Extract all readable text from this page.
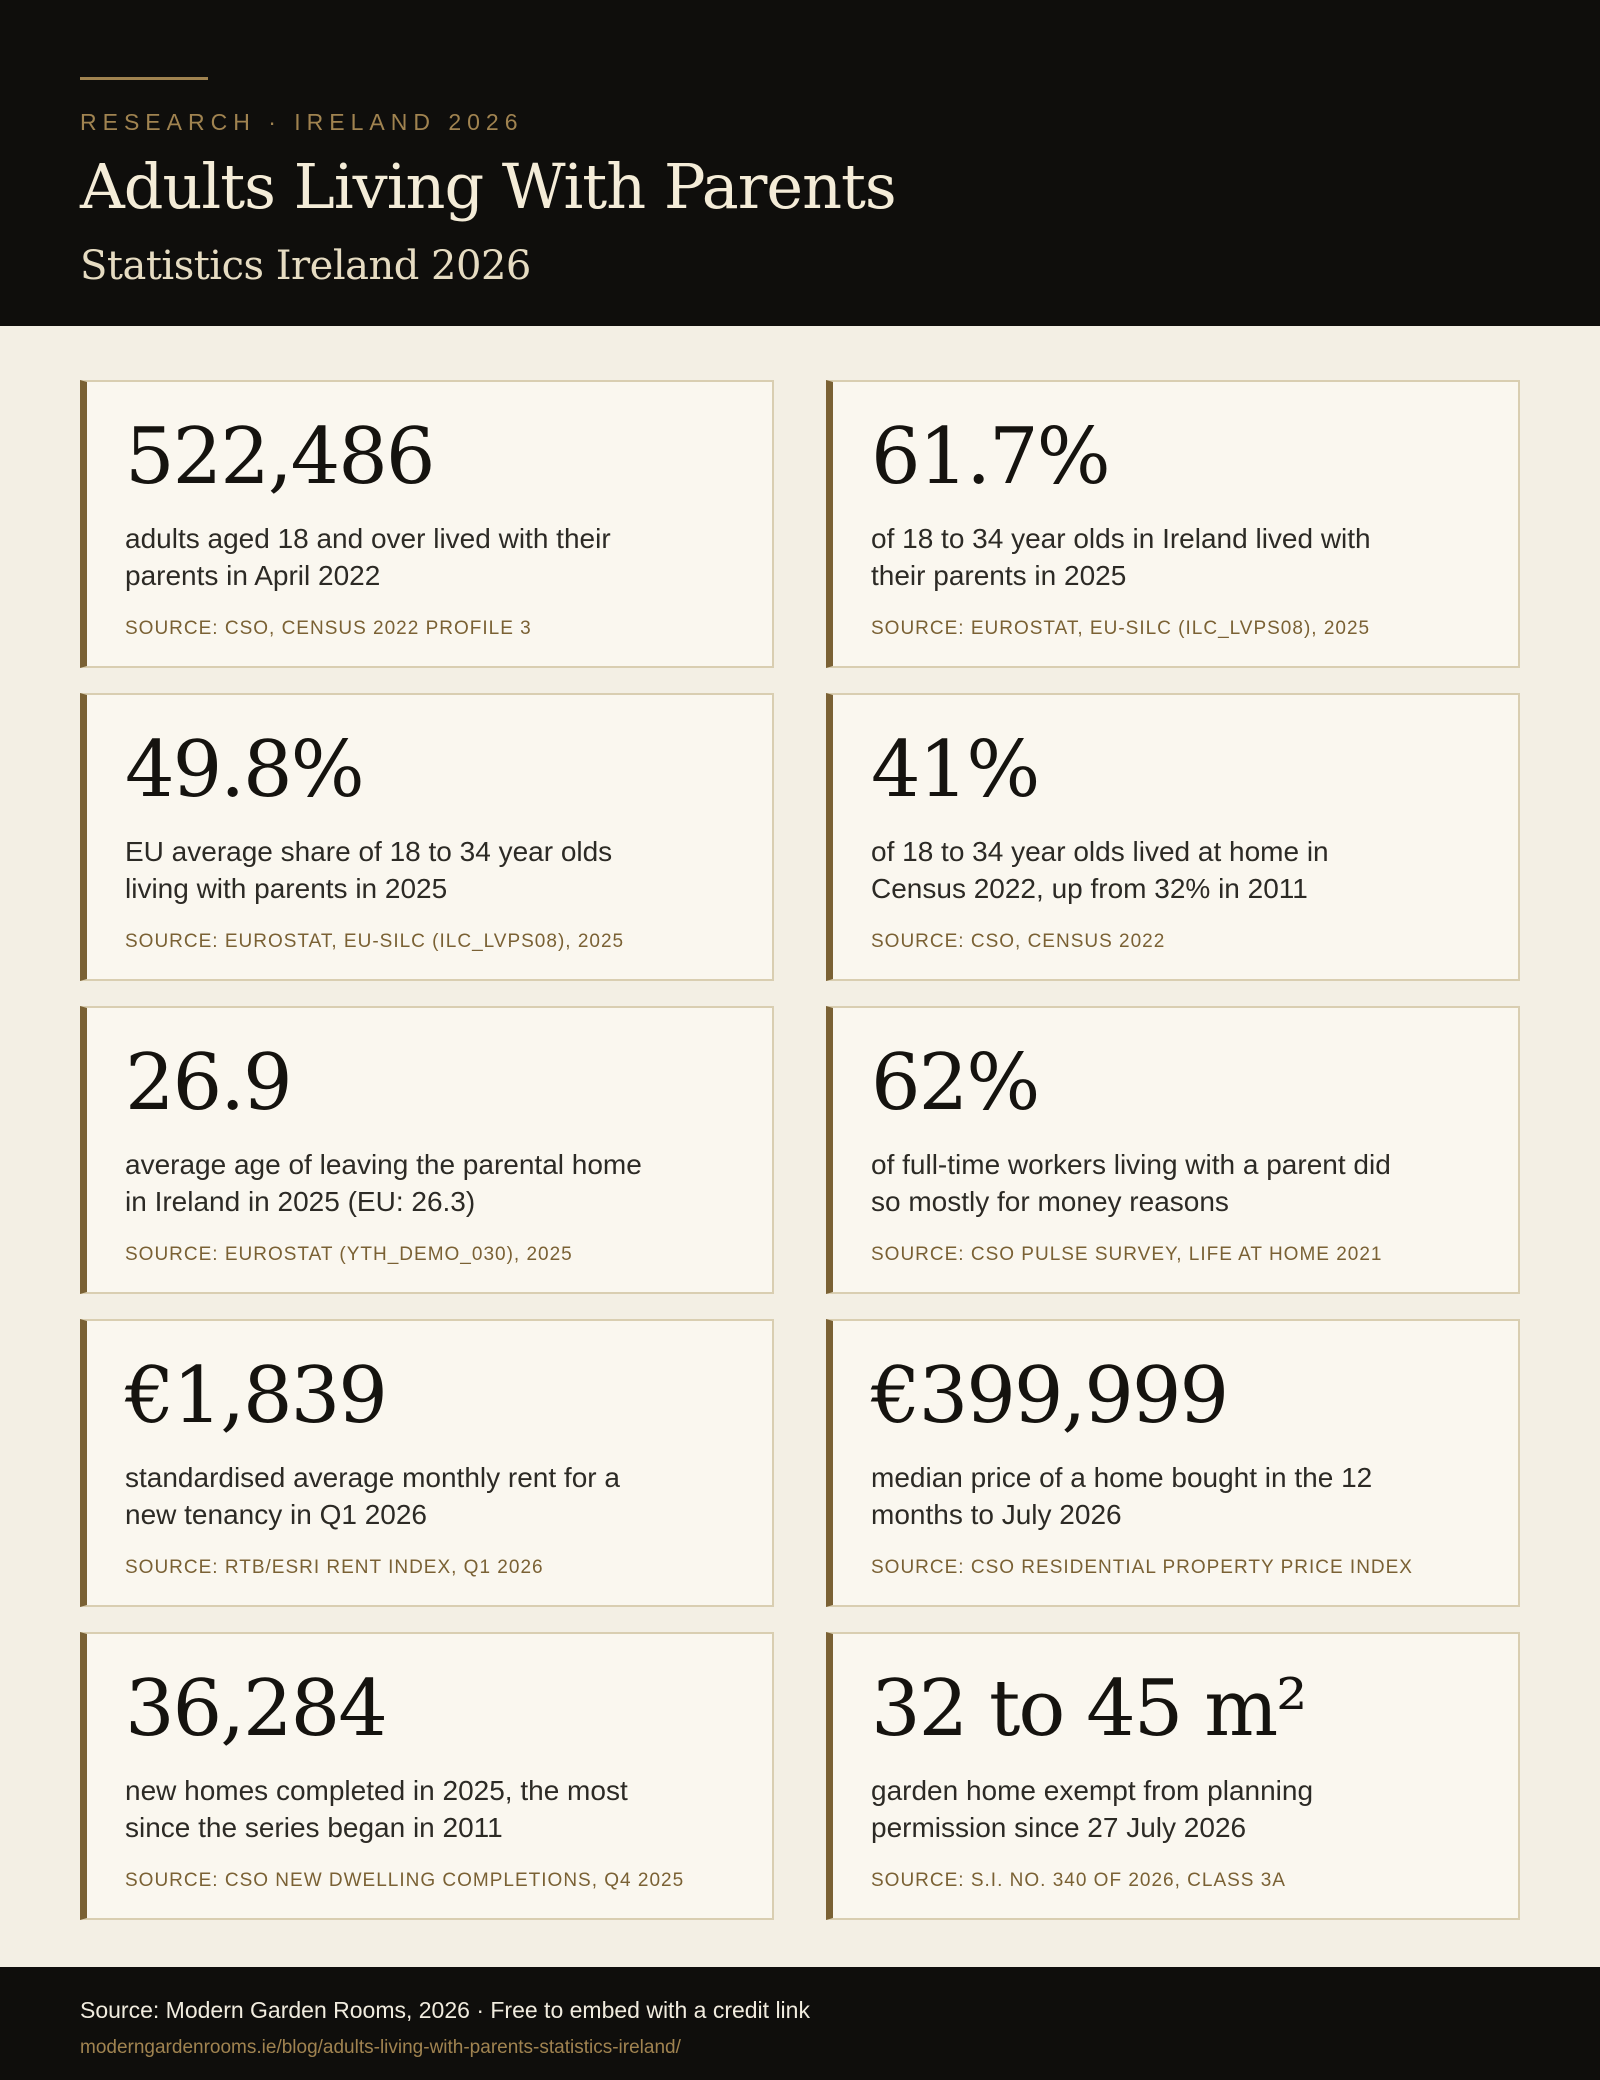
RESEARCH · IRELAND 2026
Adults Living With Parents
Statistics Ireland 2026
522,486
adults aged 18 and over lived with their parents in April 2022
SOURCE: CSO, CENSUS 2022 PROFILE 3
61.7%
of 18 to 34 year olds in Ireland lived with their parents in 2025
SOURCE: EUROSTAT, EU-SILC (ILC_LVPS08), 2025
49.8%
EU average share of 18 to 34 year olds living with parents in 2025
SOURCE: EUROSTAT, EU-SILC (ILC_LVPS08), 2025
41%
of 18 to 34 year olds lived at home in Census 2022, up from 32% in 2011
SOURCE: CSO, CENSUS 2022
26.9
average age of leaving the parental home in Ireland in 2025 (EU: 26.3)
SOURCE: EUROSTAT (YTH_DEMO_030), 2025
62%
of full-time workers living with a parent did so mostly for money reasons
SOURCE: CSO PULSE SURVEY, LIFE AT HOME 2021
€1,839
standardised average monthly rent for a new tenancy in Q1 2026
SOURCE: RTB/ESRI RENT INDEX, Q1 2026
€399,999
median price of a home bought in the 12 months to July 2026
SOURCE: CSO RESIDENTIAL PROPERTY PRICE INDEX
36,284
new homes completed in 2025, the most since the series began in 2011
SOURCE: CSO NEW DWELLING COMPLETIONS, Q4 2025
32 to 45 m²
garden home exempt from planning permission since 27 July 2026
SOURCE: S.I. NO. 340 OF 2026, CLASS 3A
Source: Modern Garden Rooms, 2026 · Free to embed with a credit link
moderngardenrooms.ie/blog/adults-living-with-parents-statistics-ireland/
